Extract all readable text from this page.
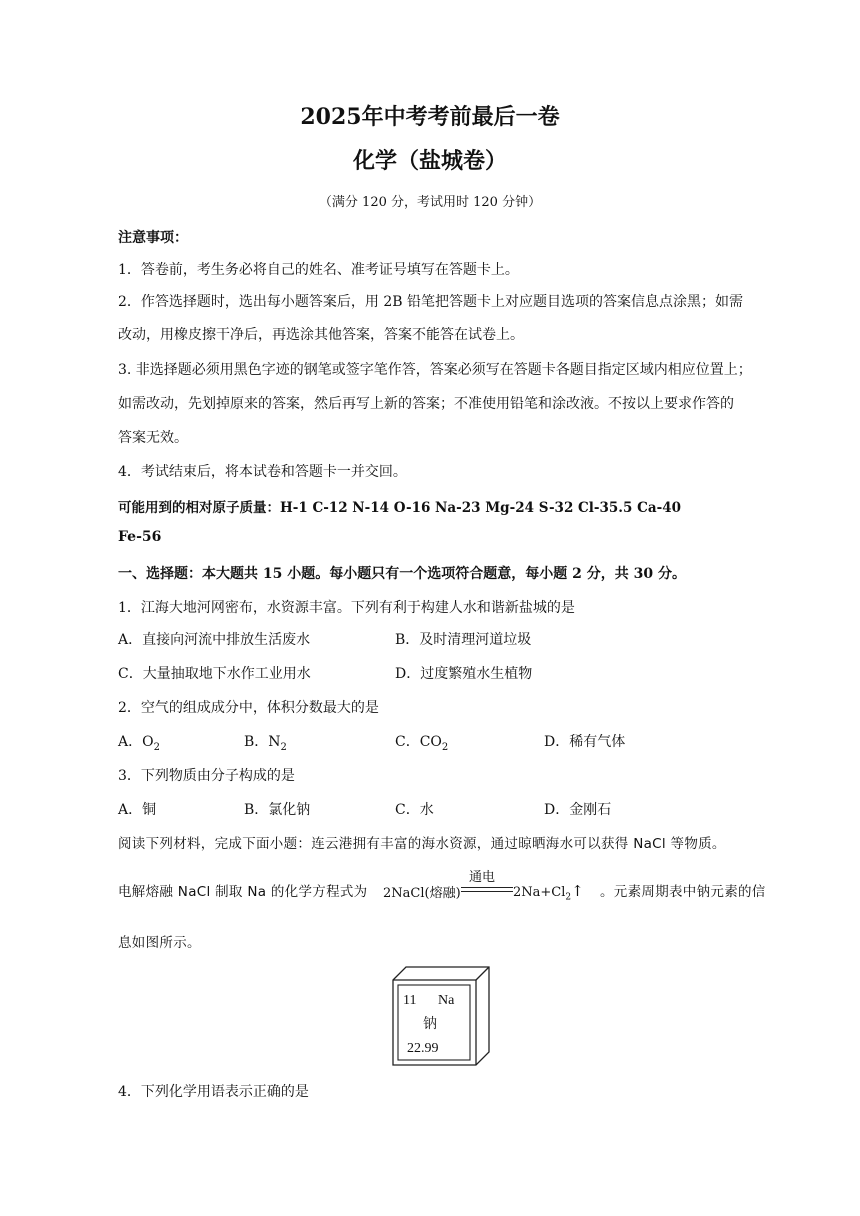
2025年中考考前最后一卷
化学（盐城卷）
（满分 120 分，考试用时 120 分钟）
注意事项：
1．答卷前，考生务必将自己的姓名、准考证号填写在答题卡上。
2．作答选择题时，选出每小题答案后，用 2B 铅笔把答题卡上对应题目选项的答案信息点涂黑；如需
改动，用橡皮擦干净后，再选涂其他答案，答案不能答在试卷上。
3. 非选择题必须用黑色字迹的钢笔或签字笔作答，答案必须写在答题卡各题目指定区域内相应位置上；
如需改动，先划掉原来的答案，然后再写上新的答案；不准使用铅笔和涂改液。不按以上要求作答的
答案无效。
4．考试结束后，将本试卷和答题卡一并交回。
可能用到的相对原子质量：H-1 C-12 N-14 O-16 Na-23 Mg-24 S-32 Cl-35.5 Ca-40
Fe-56
一、选择题：本大题共 15 小题。每小题只有一个选项符合题意，每小题 2 分，共 30 分。
1．江海大地河网密布，水资源丰富。下列有利于构建人水和谐新盐城的是
A．直接向河流中排放生活废水	B．及时清理河道垃圾
C．大量抽取地下水作工业用水	D．过度繁殖水生植物
2．空气的组成成分中，体积分数最大的是
A．$O_2$	B．$N_2$	C．$CO_2$	D．稀有气体
3．下列物质由分子构成的是
A．铜	B．氯化钠	C．水	D．金刚石
阅读下列材料，完成下面小题：连云港拥有丰富的海水资源，通过晾晒海水可以获得 NaCl 等物质。
电解熔融 NaCl 制取 Na 的化学方程式为 2NaCl(熔融)
通电
$2Na+Cl_2↑$ 。元素周期表中钠元素的信
息如图所示。
11 Na
钠
22.99
4．下列化学用语表示正确的是
